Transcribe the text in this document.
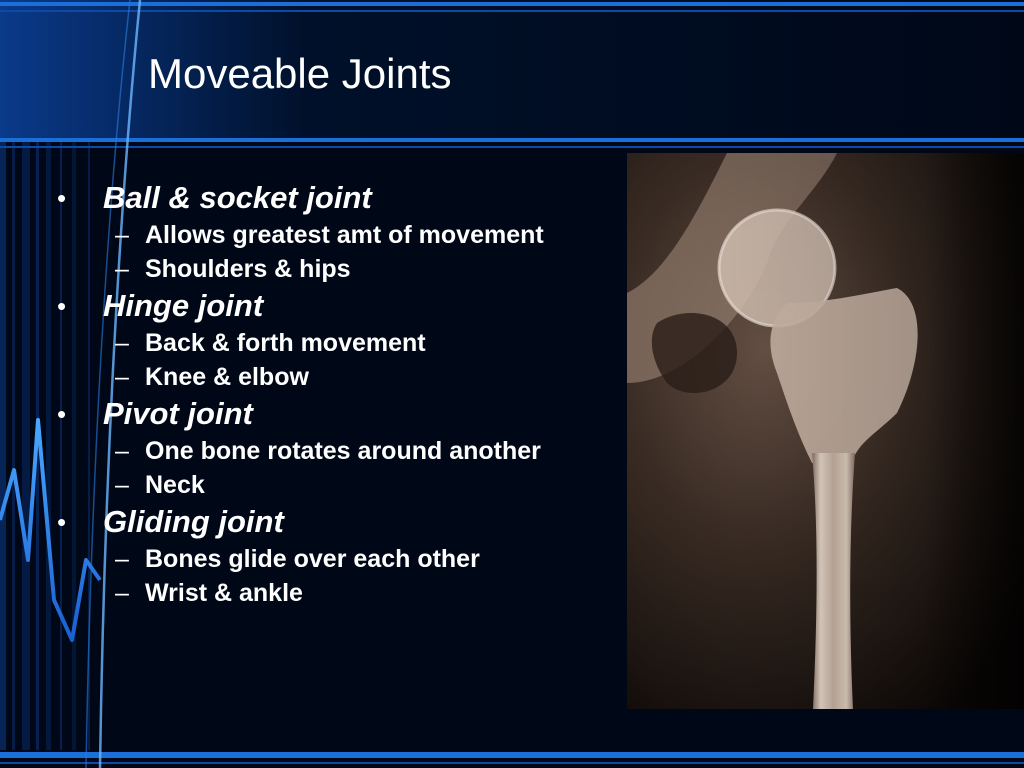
Moveable Joints
• Ball & socket joint
– Allows greatest amt of movement
– Shoulders & hips
• Hinge joint
– Back & forth movement
– Knee & elbow
• Pivot joint
– One bone rotates around another
– Neck
• Gliding joint
– Bones glide over each other
– Wrist & ankle
